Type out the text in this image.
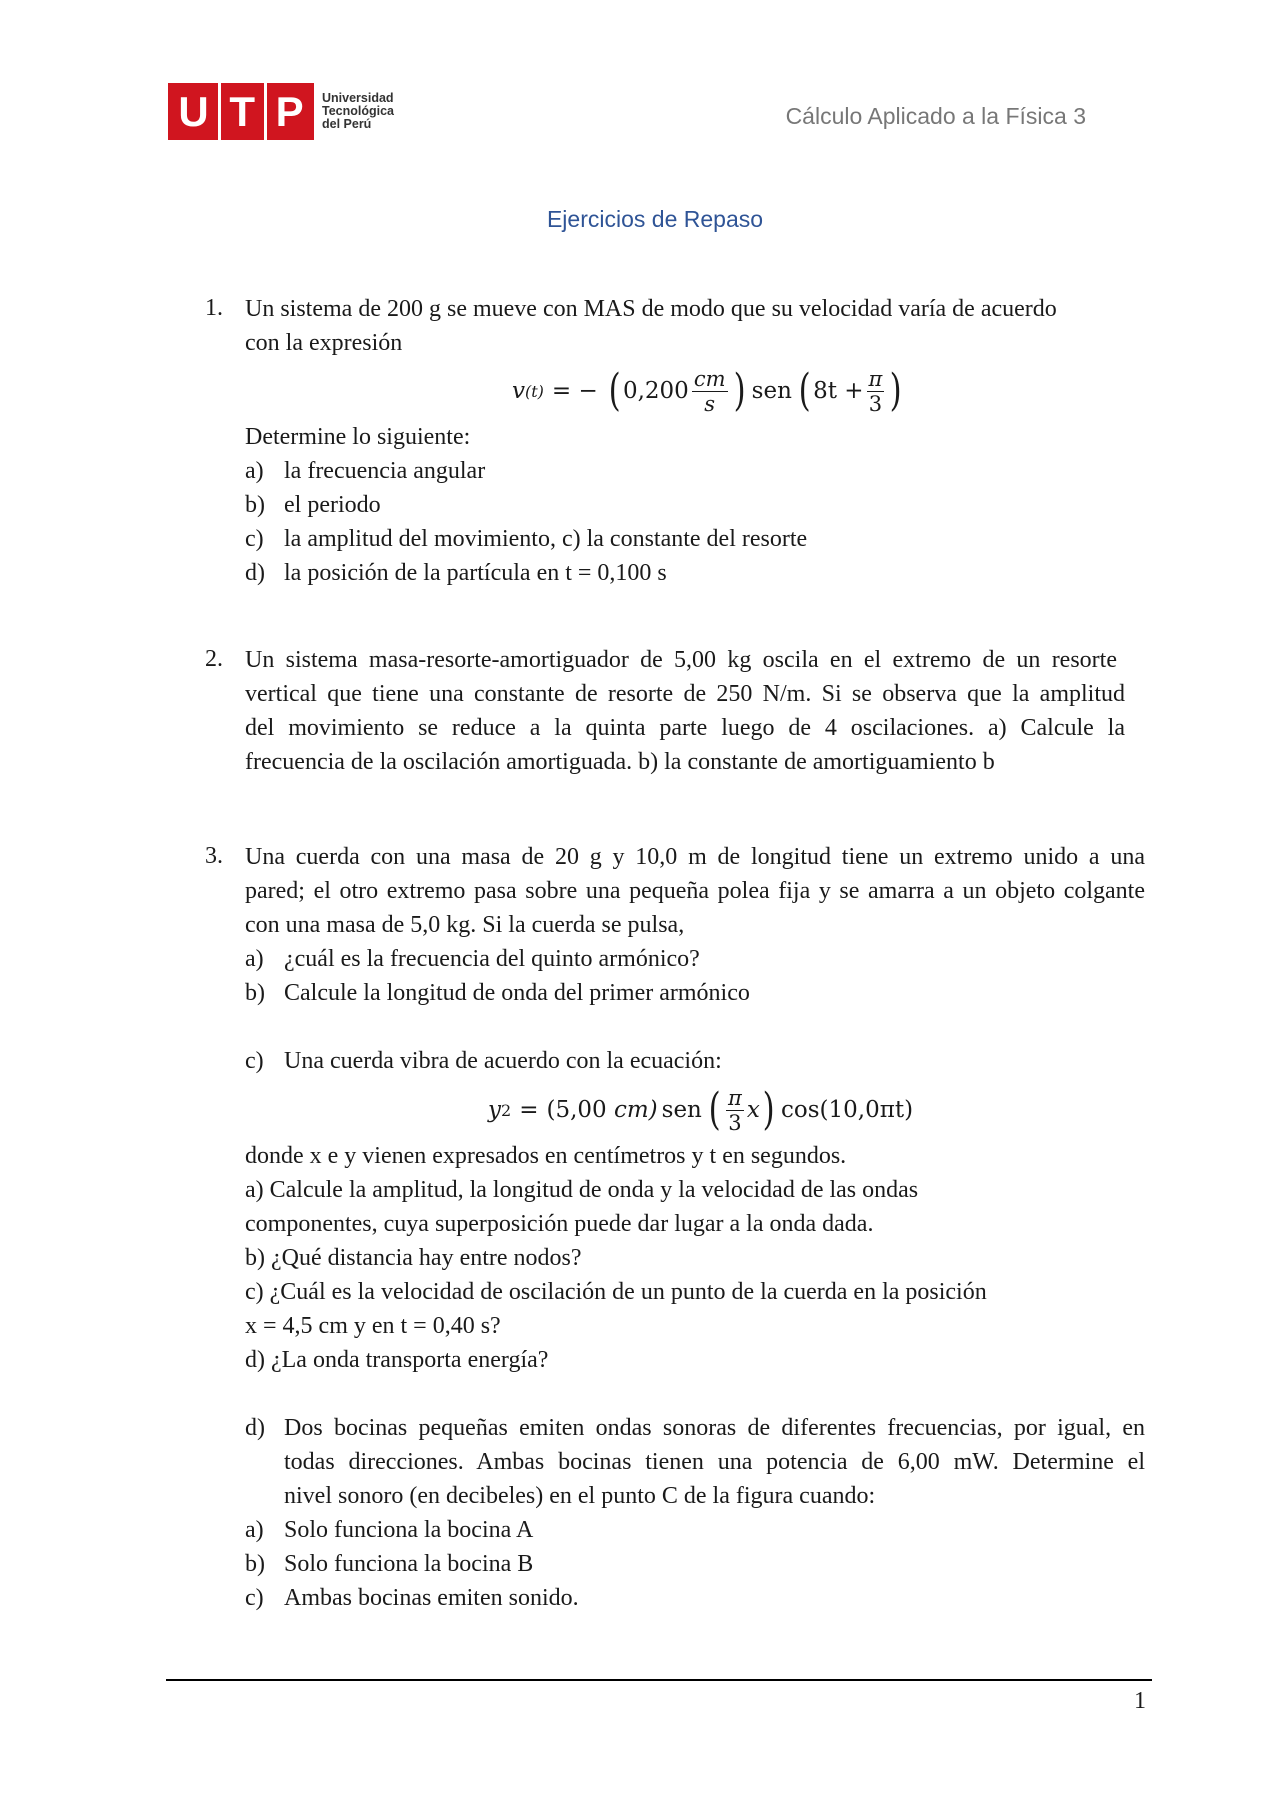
U T P Universidad
Tecnológica
del Perú	Cálculo Aplicado a la Física 3
Ejercicios de Repaso
1. Un sistema de 200 g se mueve con MAS de modo que su velocidad varía de acuerdo
con la expresión
v (t) = − ( $0,200 \frac{cm}{s}$ ) sen ( $8t + \frac{\pi}{3}$ )
Determine lo siguiente:
a) la frecuencia angular
b) el periodo
c) la amplitud del movimiento, c) la constante del resorte
d) la posición de la partícula en t = 0,100 s
2. Un sistema masa-resorte-amortiguador de 5,00 kg oscila en el extremo de un resorte
vertical que tiene una constante de resorte de 250 N/m. Si se observa que la amplitud
del movimiento se reduce a la quinta parte luego de 4 oscilaciones. a) Calcule la
frecuencia de la oscilación amortiguada. b) la constante de amortiguamiento b
3. Una cuerda con una masa de 20 g y 10,0 m de longitud tiene un extremo unido a una
pared; el otro extremo pasa sobre una pequeña polea fija y se amarra a un objeto colgante
con una masa de 5,0 kg. Si la cuerda se pulsa,
a) ¿cuál es la frecuencia del quinto armónico?
b) Calcule la longitud de onda del primer armónico
c) Una cuerda vibra de acuerdo con la ecuación:
y 2 = (5,00
cm) sen ( $\frac{\pi}{3}$ x ) cos(10,0πt)
donde x e y vienen expresados en centímetros y t en segundos.
a) Calcule la amplitud, la longitud de onda y la velocidad de las ondas
componentes, cuya superposición puede dar lugar a la onda dada.
b) ¿Qué distancia hay entre nodos?
c) ¿Cuál es la velocidad de oscilación de un punto de la cuerda en la posición
x = 4,5 cm y en t = 0,40 s?
d) ¿La onda transporta energía?
d) Dos bocinas pequeñas emiten ondas sonoras de diferentes frecuencias, por igual, en
todas direcciones. Ambas bocinas tienen una potencia de 6,00 mW. Determine el
nivel sonoro (en decibeles) en el punto C de la figura cuando:
a) Solo funciona la bocina A
b) Solo funciona la bocina B
c) Ambas bocinas emiten sonido.
1
